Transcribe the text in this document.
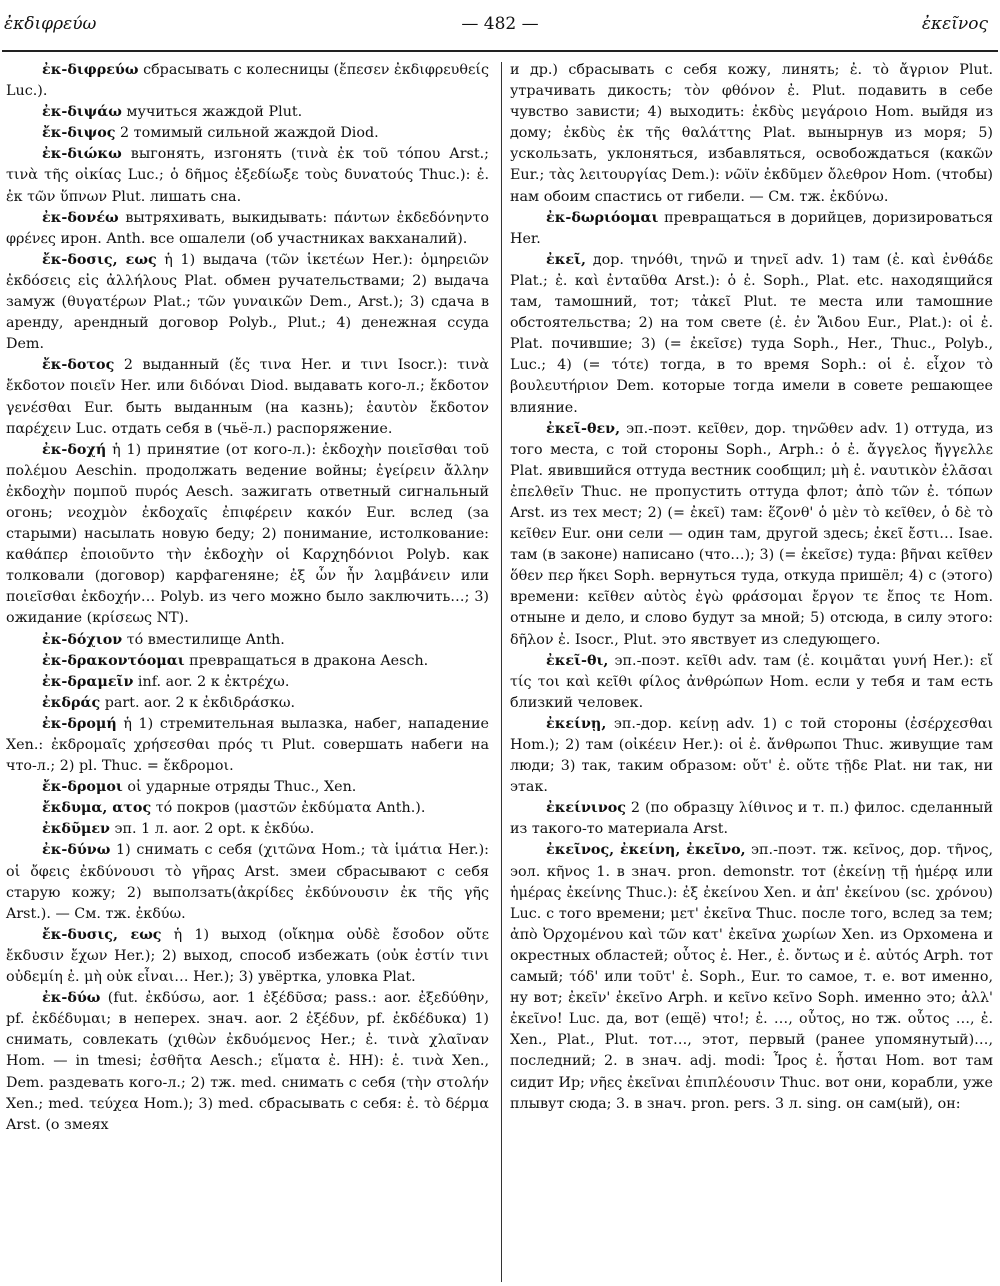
ἐκδιφρεύω	— 482 —	ἐκεῖνος

ἐκ-διφρεύω сбрасывать с колесницы (ἔπεσεν ἐκδιφρευθείς Luc.).

ἐκ-διψάω мучиться жаждой Plut.

ἔκ-διψος 2 томимый сильной жаждой Diod.

ἐκ-διώκω выгонять, изгонять (τινὰ ἐκ τοῦ τόπου Arst.; τινὰ τῆς οἰκίας Luc.; ὁ δῆμος ἐξεδίωξε τοὺς δυνατούς Thuc.): ἐ. ἐκ τῶν ὕπνων Plut. лишать сна.

ἐκ-δονέω вытряхивать, выкидывать: πάντων ἐκδεδόνηντο φρένες ирон. Anth. все ошалели (об участниках вакханалий).

ἔκ-δοσις, εως ἡ 1) выдача (τῶν ἱκετέων Her.): ὁμηρειῶν ἐκδόσεις εἰς ἀλλήλους Plat. обмен ручательствами; 2) выдача замуж (θυγατέρων Plat.; τῶν γυναικῶν Dem., Arst.); 3) сдача в аренду, арендный договор Polyb., Plut.; 4) денежная ссуда Dem.

ἔκ-δοτος 2 выданный (ἔς τινα Her. и τινι Isocr.): τινὰ ἔκδοτον ποιεῖν Her. или διδόναι Diod. выдавать кого-л.; ἔκδοτον γενέσθαι Eur. быть выданным (на казнь); ἑαυτὸν ἔκδοτον παρέχειν Luc. отдать себя в (чьё-л.) распоряжение.

ἐκ-δοχή ἡ 1) принятие (от кого-л.): ἐκδοχὴν ποιεῖσθαι τοῦ πολέμου Aeschin. продолжать ведение войны; ἐγείρειν ἄλλην ἐκδοχὴν πομποῦ πυρός Aesch. зажигать ответный сигнальный огонь; νεοχμὸν ἐκδοχαῖς ἐπιφέρειν κακόν Eur. вслед (за старыми) насылать новую беду; 2) понимание, истолкование: καθάπερ ἐποιοῦντο τὴν ἐκδοχὴν οἱ Καρχηδόνιοι Polyb. как толковали (договор) карфагеняне; ἐξ ὧν ἦν λαμβάνειν или ποιεῖσθαι ἐκδοχήν… Polyb. из чего можно было заключить…; 3) ожидание (κρίσεως NT).

ἐκ-δόχιον τό вместилище Anth.

ἐκ-δρακοντόομαι превращаться в дракона Aesch.

ἐκ-δραμεῖν inf. aor. 2 к ἐκτρέχω.

ἐκδράς part. aor. 2 к ἐκδιδράσκω.

ἐκ-δρομή ἡ 1) стремительная вылазка, набег, нападение Xen.: ἐκδρομαῖς χρήσεσθαι πρός τι Plut. совершать набеги на что-л.; 2) pl. Thuc. = ἔκδρομοι.

ἔκ-δρομοι οἱ ударные отряды Thuc., Xen.

ἔκδυμα, ατος τό покров (μαστῶν ἐκδύματα Anth.).

ἐκδῦμεν эп. 1 л. aor. 2 opt. к ἐκδύω.

ἐκ-δύνω 1) снимать с себя (χιτῶνα Hom.; τὰ ἱμάτια Her.): οἱ ὄφεις ἐκδύνουσι τὸ γῆρας Arst. змеи сбрасывают с себя старую кожу; 2) выползать(ἀκρίδες ἐκδύνουσιν ἐκ τῆς γῆς Arst.). — См. тж. ἐκδύω.

ἔκ-δυσις, εως ἡ 1) выход (οἴκημα οὐδὲ ἔσοδον οὔτε ἔκδυσιν ἔχων Her.); 2) выход, способ избежать (οὐκ ἐστίν τινι οὐδεμίη ἐ. μὴ οὐκ εἶναι… Her.); 3) увёртка, уловка Plat.

ἐκ-δύω (fut. ἐκδύσω, aor. 1 ἐξέδῦσα; pass.: aor. ἐξεδύθην, pf. ἐκδέδυμαι; в неперех. знач. aor. 2 ἐξέδυν, pf. ἐκδέδυκα) 1) снимать, совлекать (χιθὼν ἐκδυόμενος Her.; ἐ. τινὰ χλαῖναν Hom. — in tmesi; ἐσθῆτα Aesch.; εἵματα ἐ. HH): ἐ. τινὰ Xen., Dem. раздевать кого-л.; 2) тж. med. снимать с себя (τὴν στολήν Xen.; med. τεύχεα Hom.); 3) med. сбрасывать с себя: ἐ. τὸ δέρμα Arst. (о змеях

и др.) сбрасывать с себя кожу, линять; ἐ. τὸ ἄγριον Plut. утрачивать дикость; τὸν φθόνον ἐ. Plut. подавить в себе чувство зависти; 4) выходить: ἐκδὺς μεγάροιο Hom. выйдя из дому; ἐκδὺς ἐκ τῆς θαλάττης Plat. вынырнув из моря; 5) ускользать, уклоняться, избавляться, освобождаться (κακῶν Eur.; τὰς λειτουργίας Dem.): νῶϊν ἐκδῦμεν ὄλεθρον Hom. (чтобы) нам обоим спастись от гибели. — См. тж. ἐκδύνω.

ἐκ-δωριόομαι превращаться в дорийцев, доризироваться Her.

ἐκεῖ, дор. τηνόθι, τηνῶ и τηνεῖ adv. 1) там (ἐ. καὶ ἐνθάδε Plat.; ἐ. καὶ ἐνταῦθα Arst.): ὁ ἐ. Soph., Plat. etc. находящийся там, тамошний, тот; τἀκεῖ Plut. те места или тамошние обстоятельства; 2) на том свете (ἐ. ἐν Ἅιδου Eur., Plat.): οἱ ἐ. Plat. почившие; 3) (= ἐκεῖσε) туда Soph., Her., Thuc., Polyb., Luc.; 4) (= τότε) тогда, в то время Soph.: οἱ ἐ. εἶχον τὸ βουλευτήριον Dem. которые тогда имели в совете решающее влияние.

ἐκεῖ-θεν, эп.-поэт. κεῖθεν, дор. τηνῶθεν adv. 1) оттуда, из того места, с той стороны Soph., Arph.: ὁ ἐ. ἄγγελος ἤγγελλε Plat. явившийся оттуда вестник сообщил; μὴ ἐ. ναυτικὸν ἐλᾶσαι ἐπελθεῖν Thuc. не пропустить оттуда флот; ἀπὸ τῶν ἐ. τόπων Arst. из тех мест; 2) (= ἐκεῖ) там: ἕζονθ' ὁ μὲν τὸ κεῖθεν, ὁ δὲ τὸ κεῖθεν Eur. они сели — один там, другой здесь; ἐκεῖ ἔστι… Isae. там (в законе) написано (что…); 3) (= ἐκεῖσε) туда: βῆναι κεῖθεν ὅθεν περ ἥκει Soph. вернуться туда, откуда пришёл; 4) с (этого) времени: κεῖθεν αὐτὸς ἐγὼ φράσομαι ἔργον τε ἔπος τε Hom. отныне и дело, и слово будут за мной; 5) отсюда, в силу этого: δῆλον ἐ. Isocr., Plut. это явствует из следующего.

ἐκεῖ-θι, эп.-поэт. κεῖθι adv. там (ἐ. κοιμᾶται γυνή Her.): εἴ τίς τοι καὶ κεῖθι φίλος ἀνθρώπων Hom. если у тебя и там есть близкий человек.

ἐκείνῃ, эп.-дор. κείνῃ adv. 1) с той стороны (ἐσέρχεσθαι Hom.); 2) там (οἰκέειν Her.): οἱ ἐ. ἄνθρωποι Thuc. живущие там люди; 3) так, таким образом: οὔτ' ἐ. οὔτε τῇδε Plat. ни так, ни этак.

ἐκείνινος 2 (по образцу λίθινος и т. п.) филос. сделанный из такого-то материала Arst.

ἐκεῖνος, ἐκείνη, ἐκεῖνο, эп.-поэт. тж. κεῖνος, дор. τῆνος, эол. κῆνος 1. в знач. pron. demonstr. тот (ἐκείνῃ τῇ ἡμέρᾳ или ἡμέρας ἐκείνης Thuc.): ἐξ ἐκείνου Xen. и ἀπ' ἐκείνου (sc. χρόνου) Luc. с того времени; μετ' ἐκεῖνα Thuc. после того, вслед за тем; ἀπὸ Ὀρχομένου καὶ τῶν κατ' ἐκεῖνα χωρίων Xen. из Орхомена и окрестных областей; οὗτος ἐ. Her., ἐ. ὄντως и ἐ. αὐτός Arph. тот самый; τόδ' или τοῦτ' ἐ. Soph., Eur. то самое, т. е. вот именно, ну вот; ἐκεῖν' ἐκεῖνο Arph. и κεῖνο κεῖνο Soph. именно это; ἀλλ' ἐκεῖνο! Luc. да, вот (ещё) что!; ἐ. …, οὗτος, но тж. οὗτος …, ἐ. Xen., Plat., Plut. тот…, этот, первый (ранее упомянутый)…, последний; 2. в знач. adj. modi: Ἶρος ἐ. ἧσται Hom. вот там сидит Ир; νῆες ἐκεῖναι ἐπιπλέουσιν Thuc. вот они, корабли, уже плывут сюда; 3. в знач. pron. pers. 3 л. sing. он сам(ый), он:
